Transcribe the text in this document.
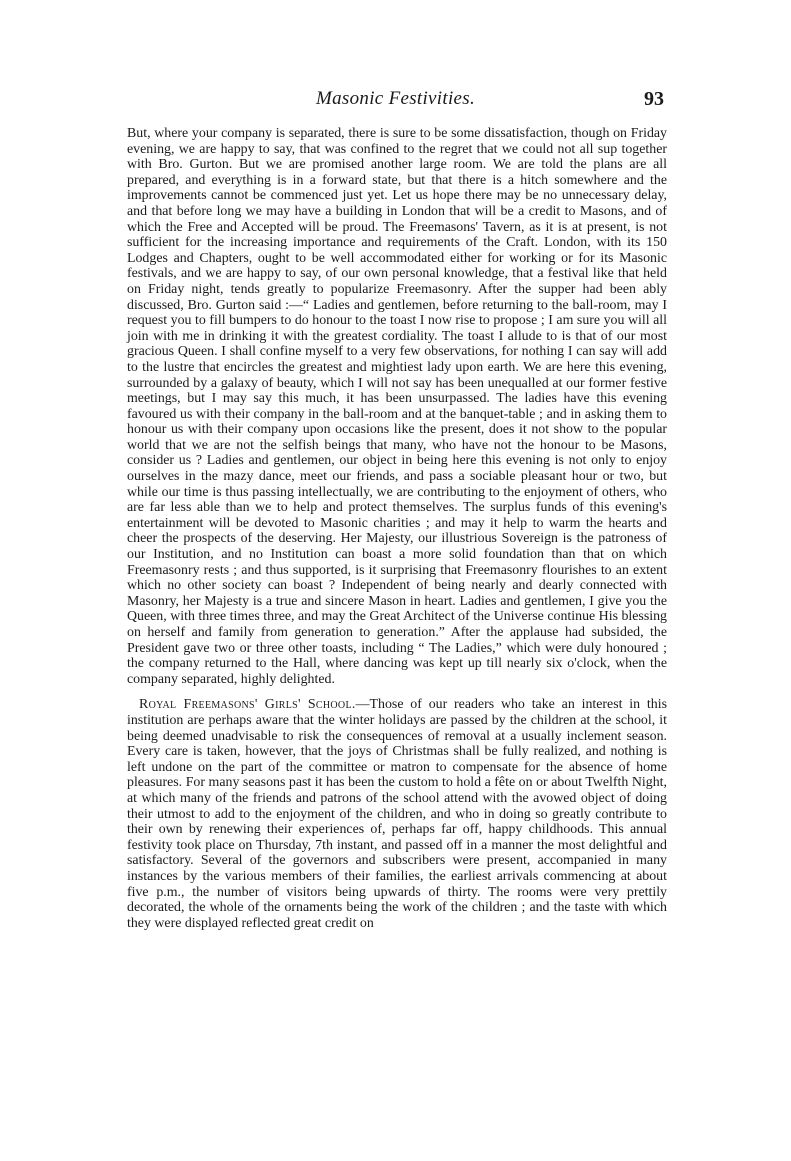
Masonic Festivities.	93

But, where your company is separated, there is sure to be some dissatisfaction, though on Friday evening, we are happy to say, that was confined to the regret that we could not all sup together with Bro. Gurton. But we are promised another large room. We are told the plans are all prepared, and everything is in a forward state, but that there is a hitch somewhere and the improvements cannot be commenced just yet. Let us hope there may be no unnecessary delay, and that before long we may have a building in London that will be a credit to Masons, and of which the Free and Accepted will be proud. The Freemasons' Tavern, as it is at present, is not sufficient for the increasing importance and requirements of the Craft. London, with its 150 Lodges and Chapters, ought to be well accommodated either for working or for its Masonic festivals, and we are happy to say, of our own personal knowledge, that a festival like that held on Friday night, tends greatly to popularize Freemasonry. After the supper had been ably discussed, Bro. Gurton said :—“ Ladies and gentlemen, before returning to the ball-room, may I request you to fill bumpers to do honour to the toast I now rise to propose ; I am sure you will all join with me in drinking it with the greatest cordiality. The toast I allude to is that of our most gracious Queen. I shall confine myself to a very few observations, for nothing I can say will add to the lustre that encircles the greatest and mightiest lady upon earth. We are here this evening, surrounded by a galaxy of beauty, which I will not say has been unequalled at our former festive meetings, but I may say this much, it has been unsurpassed. The ladies have this evening favoured us with their company in the ball-room and at the banquet-table ; and in asking them to honour us with their company upon occasions like the present, does it not show to the popular world that we are not the selfish beings that many, who have not the honour to be Masons, consider us ? Ladies and gentlemen, our object in being here this evening is not only to enjoy ourselves in the mazy dance, meet our friends, and pass a sociable pleasant hour or two, but while our time is thus passing intellectually, we are contributing to the enjoyment of others, who are far less able than we to help and protect themselves. The surplus funds of this evening's entertainment will be devoted to Masonic charities ; and may it help to warm the hearts and cheer the prospects of the deserving. Her Majesty, our illustrious Sovereign is the patroness of our Institution, and no Institution can boast a more solid foundation than that on which Freemasonry rests ; and thus supported, is it surprising that Freemasonry flourishes to an extent which no other society can boast ? Independent of being nearly and dearly connected with Masonry, her Majesty is a true and sincere Mason in heart. Ladies and gentlemen, I give you the Queen, with three times three, and may the Great Architect of the Universe continue His blessing on herself and family from generation to generation.” After the applause had subsided, the President gave two or three other toasts, including “ The Ladies,” which were duly honoured ; the company returned to the Hall, where dancing was kept up till nearly six o'clock, when the company separated, highly delighted.

Royal Freemasons' Girls' School.—Those of our readers who take an interest in this institution are perhaps aware that the winter holidays are passed by the children at the school, it being deemed unadvisable to risk the consequences of removal at a usually inclement season. Every care is taken, however, that the joys of Christmas shall be fully realized, and nothing is left undone on the part of the committee or matron to compensate for the absence of home pleasures. For many seasons past it has been the custom to hold a fête on or about Twelfth Night, at which many of the friends and patrons of the school attend with the avowed object of doing their utmost to add to the enjoyment of the children, and who in doing so greatly contribute to their own by renewing their experiences of, perhaps far off, happy childhoods. This annual festivity took place on Thursday, 7th instant, and passed off in a manner the most delightful and satisfactory. Several of the governors and subscribers were present, accompanied in many instances by the various members of their families, the earliest arrivals commencing at about five p.m., the number of visitors being upwards of thirty. The rooms were very prettily decorated, the whole of the ornaments being the work of the children ; and the taste with which they were displayed reflected great credit on
